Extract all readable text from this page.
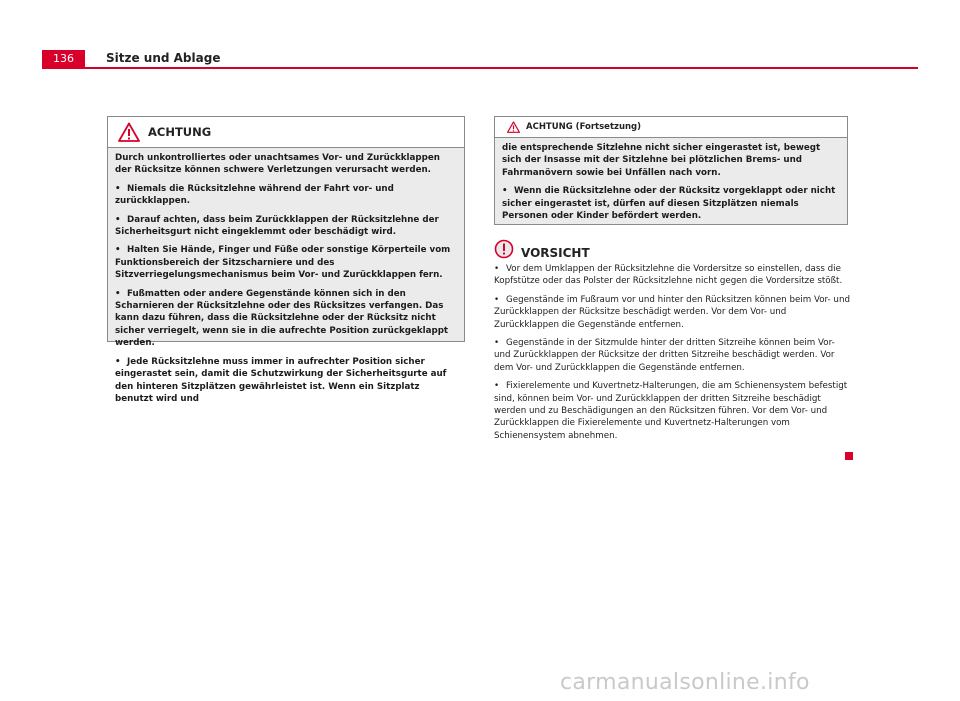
136	Sitze und Ablage
ACHTUNG

Durch unkontrolliertes oder unachtsames Vor- und Zurückklappen der Rücksitze können schwere Verletzungen verursacht werden.

• Niemals die Rücksitzlehne während der Fahrt vor- und zurückklappen.

• Darauf achten, dass beim Zurückklappen der Rücksitzlehne der Sicherheitsgurt nicht eingeklemmt oder beschädigt wird.

• Halten Sie Hände, Finger und Füße oder sonstige Körperteile vom Funktionsbereich der Sitzscharniere und des Sitzverriegelungsmechanismus beim Vor- und Zurückklappen fern.

• Fußmatten oder andere Gegenstände können sich in den Scharnieren der Rücksitzlehne oder des Rücksitzes verfangen. Das kann dazu führen, dass die Rücksitzlehne oder der Rücksitz nicht sicher verriegelt, wenn sie in die aufrechte Position zurückgeklappt werden.

• Jede Rücksitzlehne muss immer in aufrechter Position sicher eingerastet sein, damit die Schutzwirkung der Sicherheitsgurte auf den hinteren Sitzplätzen gewährleistet ist. Wenn ein Sitzplatz benutzt wird und

ACHTUNG (Fortsetzung)

die entsprechende Sitzlehne nicht sicher eingerastet ist, bewegt sich der Insasse mit der Sitzlehne bei plötzlichen Brems- und Fahrmanövern sowie bei Unfällen nach vorn.

• Wenn die Rücksitzlehne oder der Rücksitz vorgeklappt oder nicht sicher eingerastet ist, dürfen auf diesen Sitzplätzen niemals Personen oder Kinder befördert werden.

VORSICHT

• Vor dem Umklappen der Rücksitzlehne die Vordersitze so einstellen, dass die Kopfstütze oder das Polster der Rücksitzlehne nicht gegen die Vordersitze stößt.

• Gegenstände im Fußraum vor und hinter den Rücksitzen können beim Vor- und Zurückklappen der Rücksitze beschädigt werden. Vor dem Vor- und Zurückklappen die Gegenstände entfernen.

• Gegenstände in der Sitzmulde hinter der dritten Sitzreihe können beim Vor- und Zurückklappen der Rücksitze der dritten Sitzreihe beschädigt werden. Vor dem Vor- und Zurückklappen die Gegenstände entfernen.

• Fixierelemente und Kuvertnetz-Halterungen, die am Schienensystem befestigt sind, können beim Vor- und Zurückklappen der dritten Sitzreihe beschädigt werden und zu Beschädigungen an den Rücksitzen führen. Vor dem Vor- und Zurückklappen die Fixierelemente und Kuvertnetz-Halterungen vom Schienensystem abnehmen.

carmanualsonline.info
